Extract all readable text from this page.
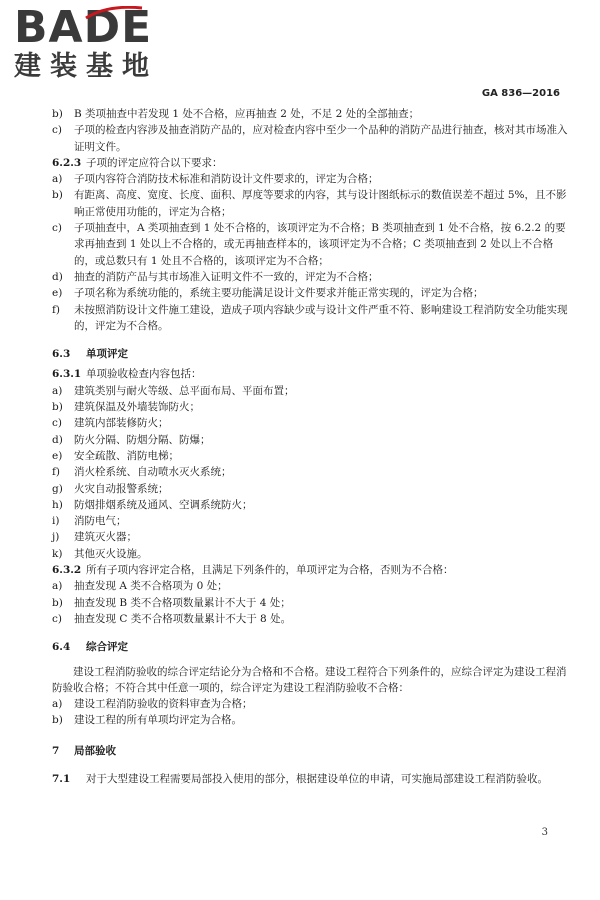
BADE
建装基地
GA 836—2016
b) B 类项抽查中若发现 1 处不合格，应再抽查 2 处，不足 2 处的全部抽查；
c) 子项的检查内容涉及抽查消防产品的，应对检查内容中至少一个品种的消防产品进行抽查，核对其市场准入证明文件。
6.2.3 子项的评定应符合以下要求：
a) 子项内容符合消防技术标准和消防设计文件要求的，评定为合格；
b) 有距离、高度、宽度、长度、面积、厚度等要求的内容，其与设计图纸标示的数值误差不超过 5%，且不影响正常使用功能的，评定为合格；
c) 子项抽查中，A 类项抽查到 1 处不合格的，该项评定为不合格；B 类项抽查到 1 处不合格，按 6.2.2 的要求再抽查到 1 处以上不合格的，或无再抽查样本的，该项评定为不合格；C 类项抽查到 2 处以上不合格的，或总数只有 1 处且不合格的，该项评定为不合格；
d) 抽查的消防产品与其市场准入证明文件不一致的，评定为不合格；
e) 子项名称为系统功能的，系统主要功能满足设计文件要求并能正常实现的，评定为合格；
f) 未按照消防设计文件施工建设，造成子项内容缺少或与设计文件严重不符、影响建设工程消防安全功能实现的，评定为不合格。
6.3 单项评定
6.3.1 单项验收检查内容包括：
a) 建筑类别与耐火等级、总平面布局、平面布置；
b) 建筑保温及外墙装饰防火；
c) 建筑内部装修防火；
d) 防火分隔、防烟分隔、防爆；
e) 安全疏散、消防电梯；
f) 消火栓系统、自动喷水灭火系统；
g) 火灾自动报警系统；
h) 防烟排烟系统及通风、空调系统防火；
i) 消防电气；
j) 建筑灭火器；
k) 其他灭火设施。
6.3.2 所有子项内容评定合格，且满足下列条件的，单项评定为合格，否则为不合格：
a) 抽查发现 A 类不合格项为 0 处；
b) 抽查发现 B 类不合格项数量累计不大于 4 处；
c) 抽查发现 C 类不合格项数量累计不大于 8 处。
6.4 综合评定
建设工程消防验收的综合评定结论分为合格和不合格。建设工程符合下列条件的，应综合评定为建设工程消防验收合格；不符合其中任意一项的，综合评定为建设工程消防验收不合格：
a) 建设工程消防验收的资料审查为合格；
b) 建设工程的所有单项均评定为合格。
7 局部验收
7.1 对于大型建设工程需要局部投入使用的部分，根据建设单位的申请，可实施局部建设工程消防验收。
3
